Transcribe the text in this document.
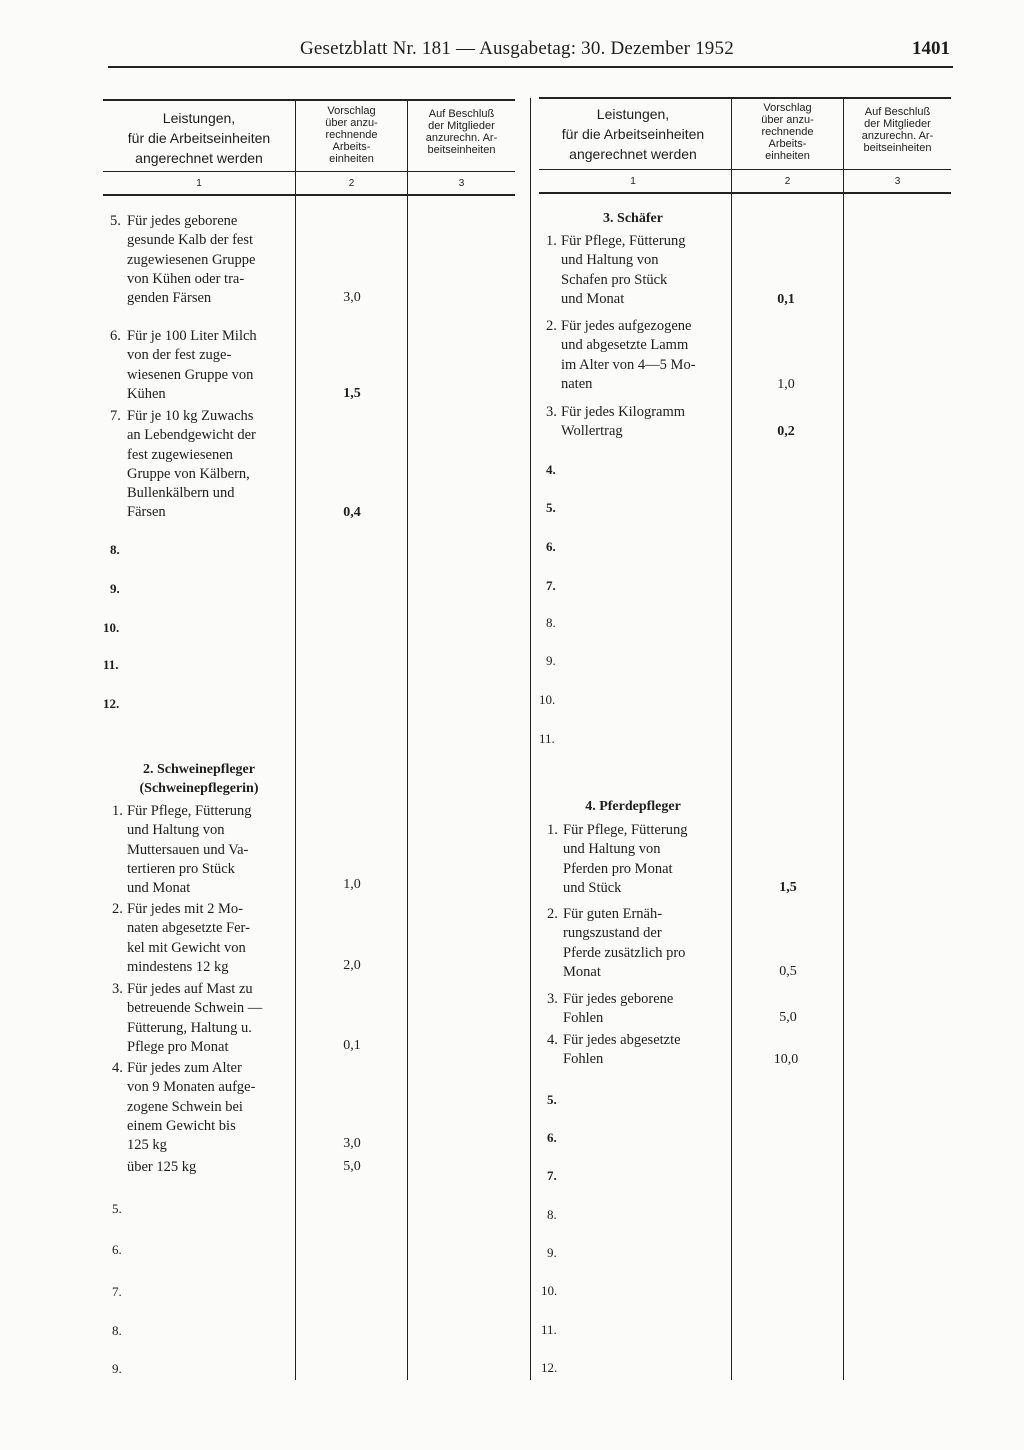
Gesetzblatt Nr. 181 — Ausgabetag: 30. Dezember 1952	1401
Leistungen,
für die Arbeitseinheiten
angerechnet werden
Vorschlag
über anzu-
rechnende
Arbeits-
einheiten
Auf Beschluß
der Mitglieder
anzurechn. Ar-
beitseinheiten
1	2	3
5. Für jedes geborene
gesunde Kalb der fest
zugewiesenen Gruppe
von Kühen oder tra-
genden Färsen	3,0
6. Für je 100 Liter Milch
von der fest zuge-
wiesenen Gruppe von
Kühen	1,5
7. Für je 10 kg Zuwachs
an Lebendgewicht der
fest zugewiesenen
Gruppe von Kälbern,
Bullenkälbern und
Färsen	0,4
8.
9.
10.
11.
12.
2. Schweinepfleger
(Schweinepflegerin)
1. Für Pflege, Fütterung
und Haltung von
Muttersauen und Va-
tertieren pro Stück
und Monat	1,0
2. Für jedes mit 2 Mo-
naten abgesetzte Fer-
kel mit Gewicht von
mindestens 12 kg	2,0
3. Für jedes auf Mast zu
betreuende Schwein —
Fütterung, Haltung u.
Pflege pro Monat	0,1
4. Für jedes zum Alter
von 9 Monaten aufge-
zogene Schwein bei
einem Gewicht bis
125 kg	3,0
über 125 kg	5,0
5.
6.
7.
8.
9.
Leistungen,
für die Arbeitseinheiten
angerechnet werden
Vorschlag
über anzu-
rechnende
Arbeits-
einheiten
Auf Beschluß
der Mitglieder
anzurechn. Ar-
beitseinheiten
1	2	3
3. Schäfer
1. Für Pflege, Fütterung
und Haltung von
Schafen pro Stück
und Monat	0,1
2. Für jedes aufgezogene
und abgesetzte Lamm
im Alter von 4—5 Mo-
naten	1,0
3. Für jedes Kilogramm
Wollertrag	0,2
4.
5.
6.
7.
8.
9.
10.
11.
4. Pferdepfleger
1. Für Pflege, Fütterung
und Haltung von
Pferden pro Monat
und Stück	1,5
2. Für guten Ernäh-
rungszustand der
Pferde zusätzlich pro
Monat	0,5
3. Für jedes geborene
Fohlen	5,0
4. Für jedes abgesetzte
Fohlen	10,0
5.
6.
7.
8.
9.
10.
11.
12.
